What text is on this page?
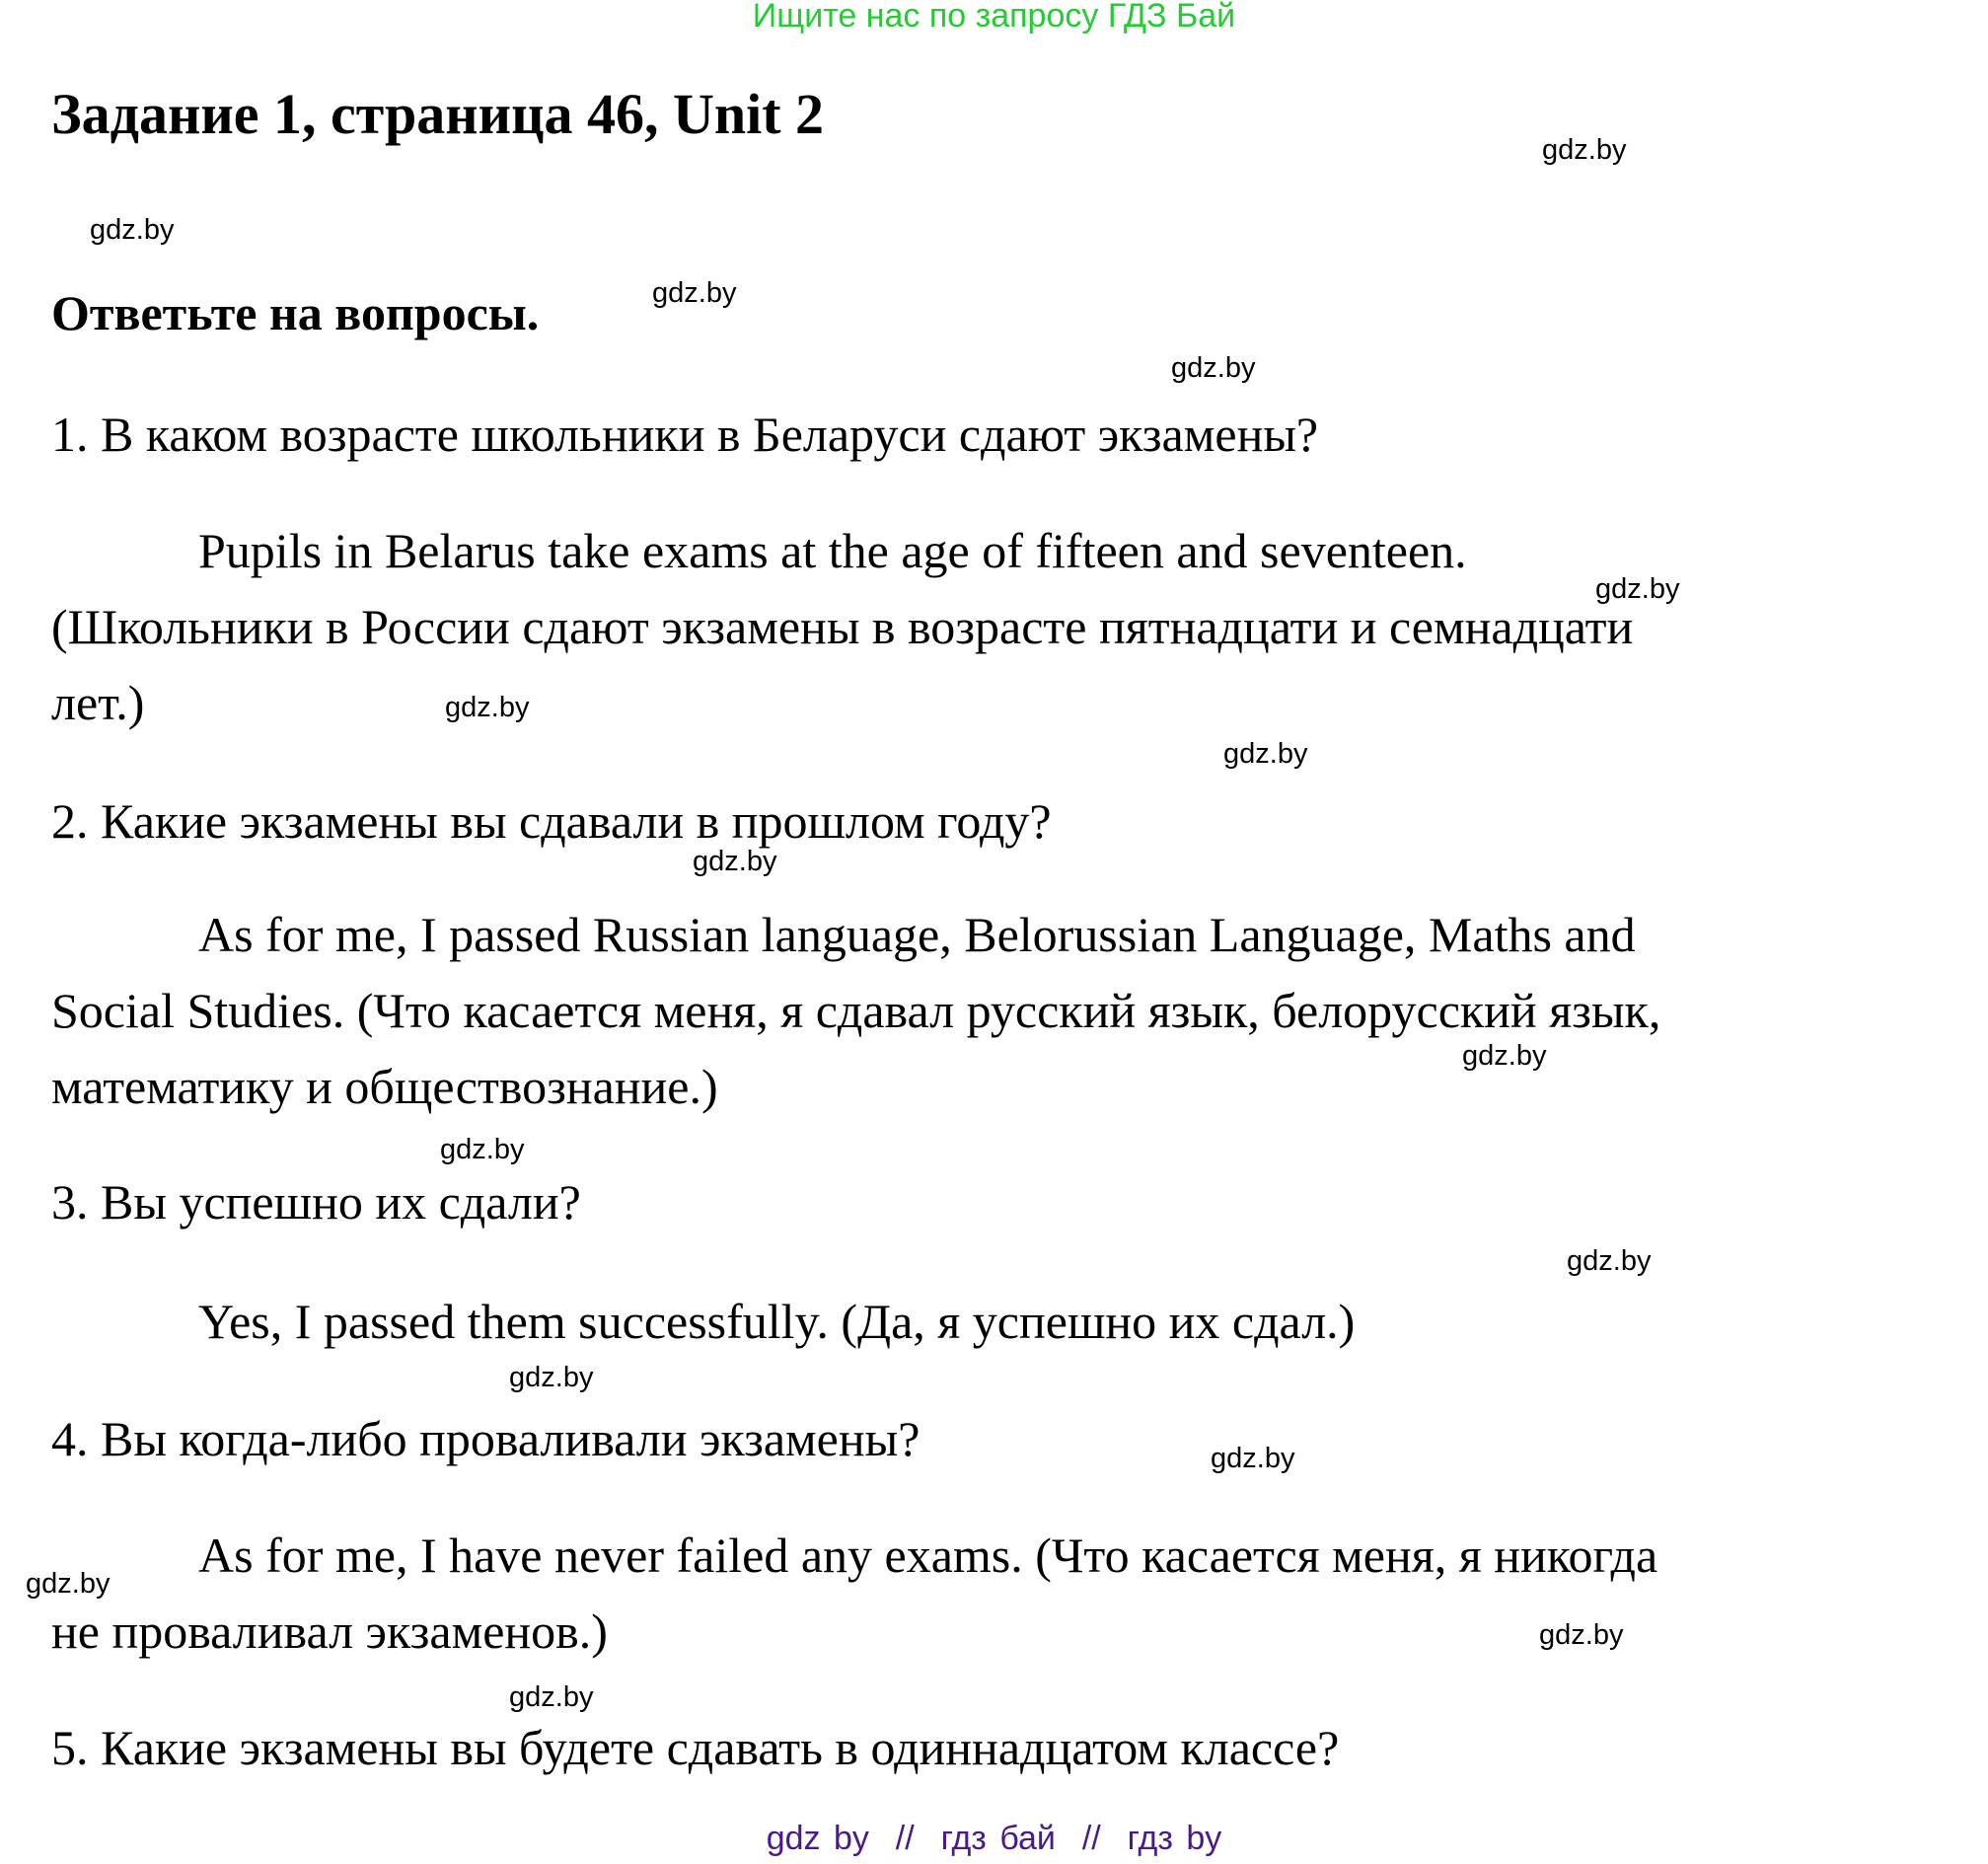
Ищите нас по запросу ГДЗ Бай
Задание 1, страница 46, Unit 2
Ответьте на вопросы.
1. В каком возрасте школьники в Беларуси сдают экзамены?
Pupils in Belarus take exams at the age of fifteen and seventeen.
(Школьники в России сдают экзамены в возрасте пятнадцати и семнадцати
лет.)
2. Какие экзамены вы сдавали в прошлом году?
As for me, I passed Russian language, Belorussian Language, Maths and
Social Studies. (Что касается меня, я сдавал русский язык, белорусский язык,
математику и обществознание.)
3. Вы успешно их сдали?
Yes, I passed them successfully. (Да, я успешно их сдал.)
4. Вы когда-либо проваливали экзамены?
As for me, I have never failed any exams. (Что касается меня, я никогда
не проваливал экзаменов.)
5. Какие экзамены вы будете сдавать в одиннадцатом классе?
gdz.by
gdz.by
gdz.by
gdz.by
gdz.by
gdz.by
gdz.by
gdz.by
gdz.by
gdz.by
gdz.by
gdz.by
gdz.by
gdz.by
gdz.by
gdz.by
gdz by  //  гдз бай  //  гдз by
